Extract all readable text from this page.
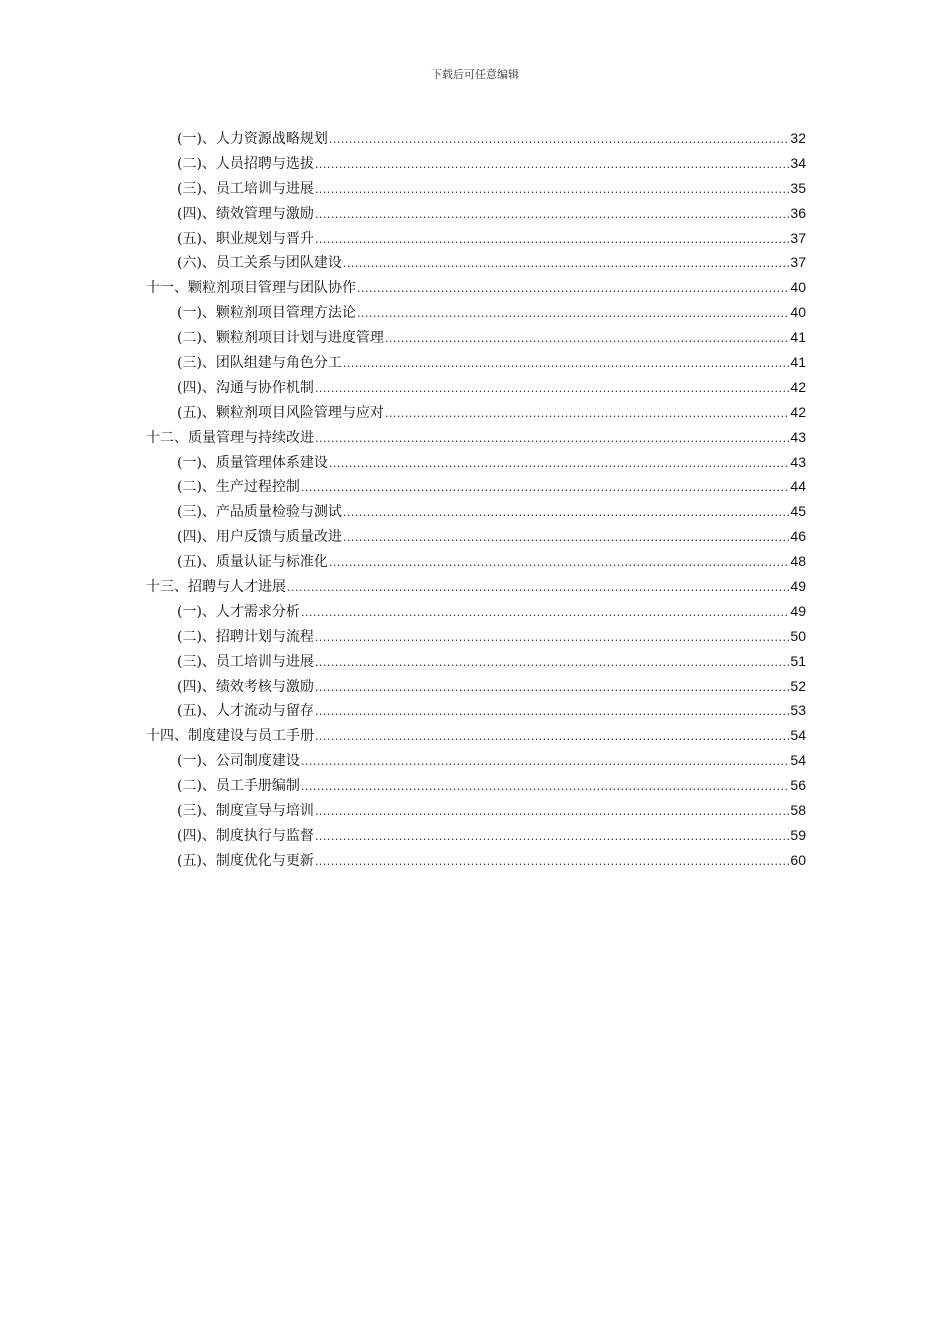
下载后可任意编辑
(一)、人力资源战略规划 .....	32
(二)、人员招聘与选拔 .....	34
(三)、员工培训与进展 .....	35
(四)、绩效管理与激励 .....	36
(五)、职业规划与晋升 .....	37
(六)、员工关系与团队建设 .....	37
十一、颗粒剂项目管理与团队协作 .....	40
(一)、颗粒剂项目管理方法论 .....	40
(二)、颗粒剂项目计划与进度管理 .....	41
(三)、团队组建与角色分工 .....	41
(四)、沟通与协作机制 .....	42
(五)、颗粒剂项目风险管理与应对 .....	42
十二、质量管理与持续改进 .....	43
(一)、质量管理体系建设 .....	43
(二)、生产过程控制 .....	44
(三)、产品质量检验与测试 .....	45
(四)、用户反馈与质量改进 .....	46
(五)、质量认证与标准化 .....	48
十三、招聘与人才进展 .....	49
(一)、人才需求分析 .....	49
(二)、招聘计划与流程 .....	50
(三)、员工培训与进展 .....	51
(四)、绩效考核与激励 .....	52
(五)、人才流动与留存 .....	53
十四、制度建设与员工手册 .....	54
(一)、公司制度建设 .....	54
(二)、员工手册编制 .....	56
(三)、制度宣导与培训 .....	58
(四)、制度执行与监督 .....	59
(五)、制度优化与更新 .....	60
